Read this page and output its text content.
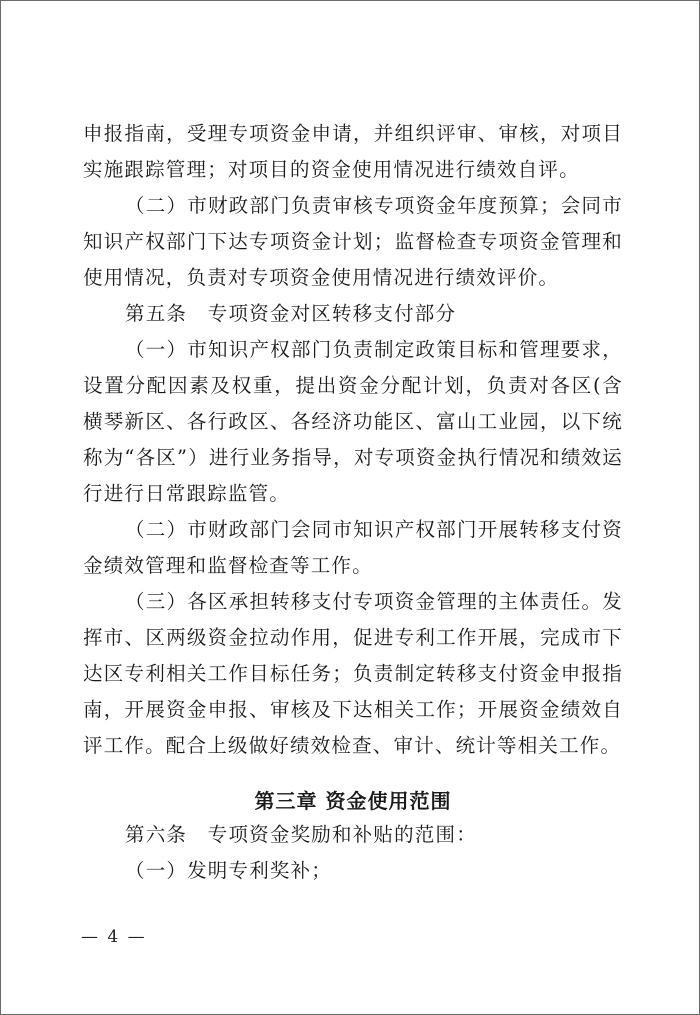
申报指南，受理专项资金申请，并组织评审、审核，对项目实施跟踪管理；对项目的资金使用情况进行绩效自评。

（二）市财政部门负责审核专项资金年度预算；会同市知识产权部门下达专项资金计划；监督检查专项资金管理和使用情况，负责对专项资金使用情况进行绩效评价。

第五条　专项资金对区转移支付部分

（一）市知识产权部门负责制定政策目标和管理要求，设置分配因素及权重，提出资金分配计划，负责对各区(含横琴新区、各行政区、各经济功能区、富山工业园，以下统称为“各区”）进行业务指导，对专项资金执行情况和绩效运行进行日常跟踪监管。

（二）市财政部门会同市知识产权部门开展转移支付资金绩效管理和监督检查等工作。

（三）各区承担转移支付专项资金管理的主体责任。发挥市、区两级资金拉动作用，促进专利工作开展，完成市下达区专利相关工作目标任务；负责制定转移支付资金申报指南，开展资金申报、审核及下达相关工作；开展资金绩效自评工作。配合上级做好绩效检查、审计、统计等相关工作。

第三章 资金使用范围

第六条　专项资金奖励和补贴的范围：

（一）发明专利奖补；

— 4 —
